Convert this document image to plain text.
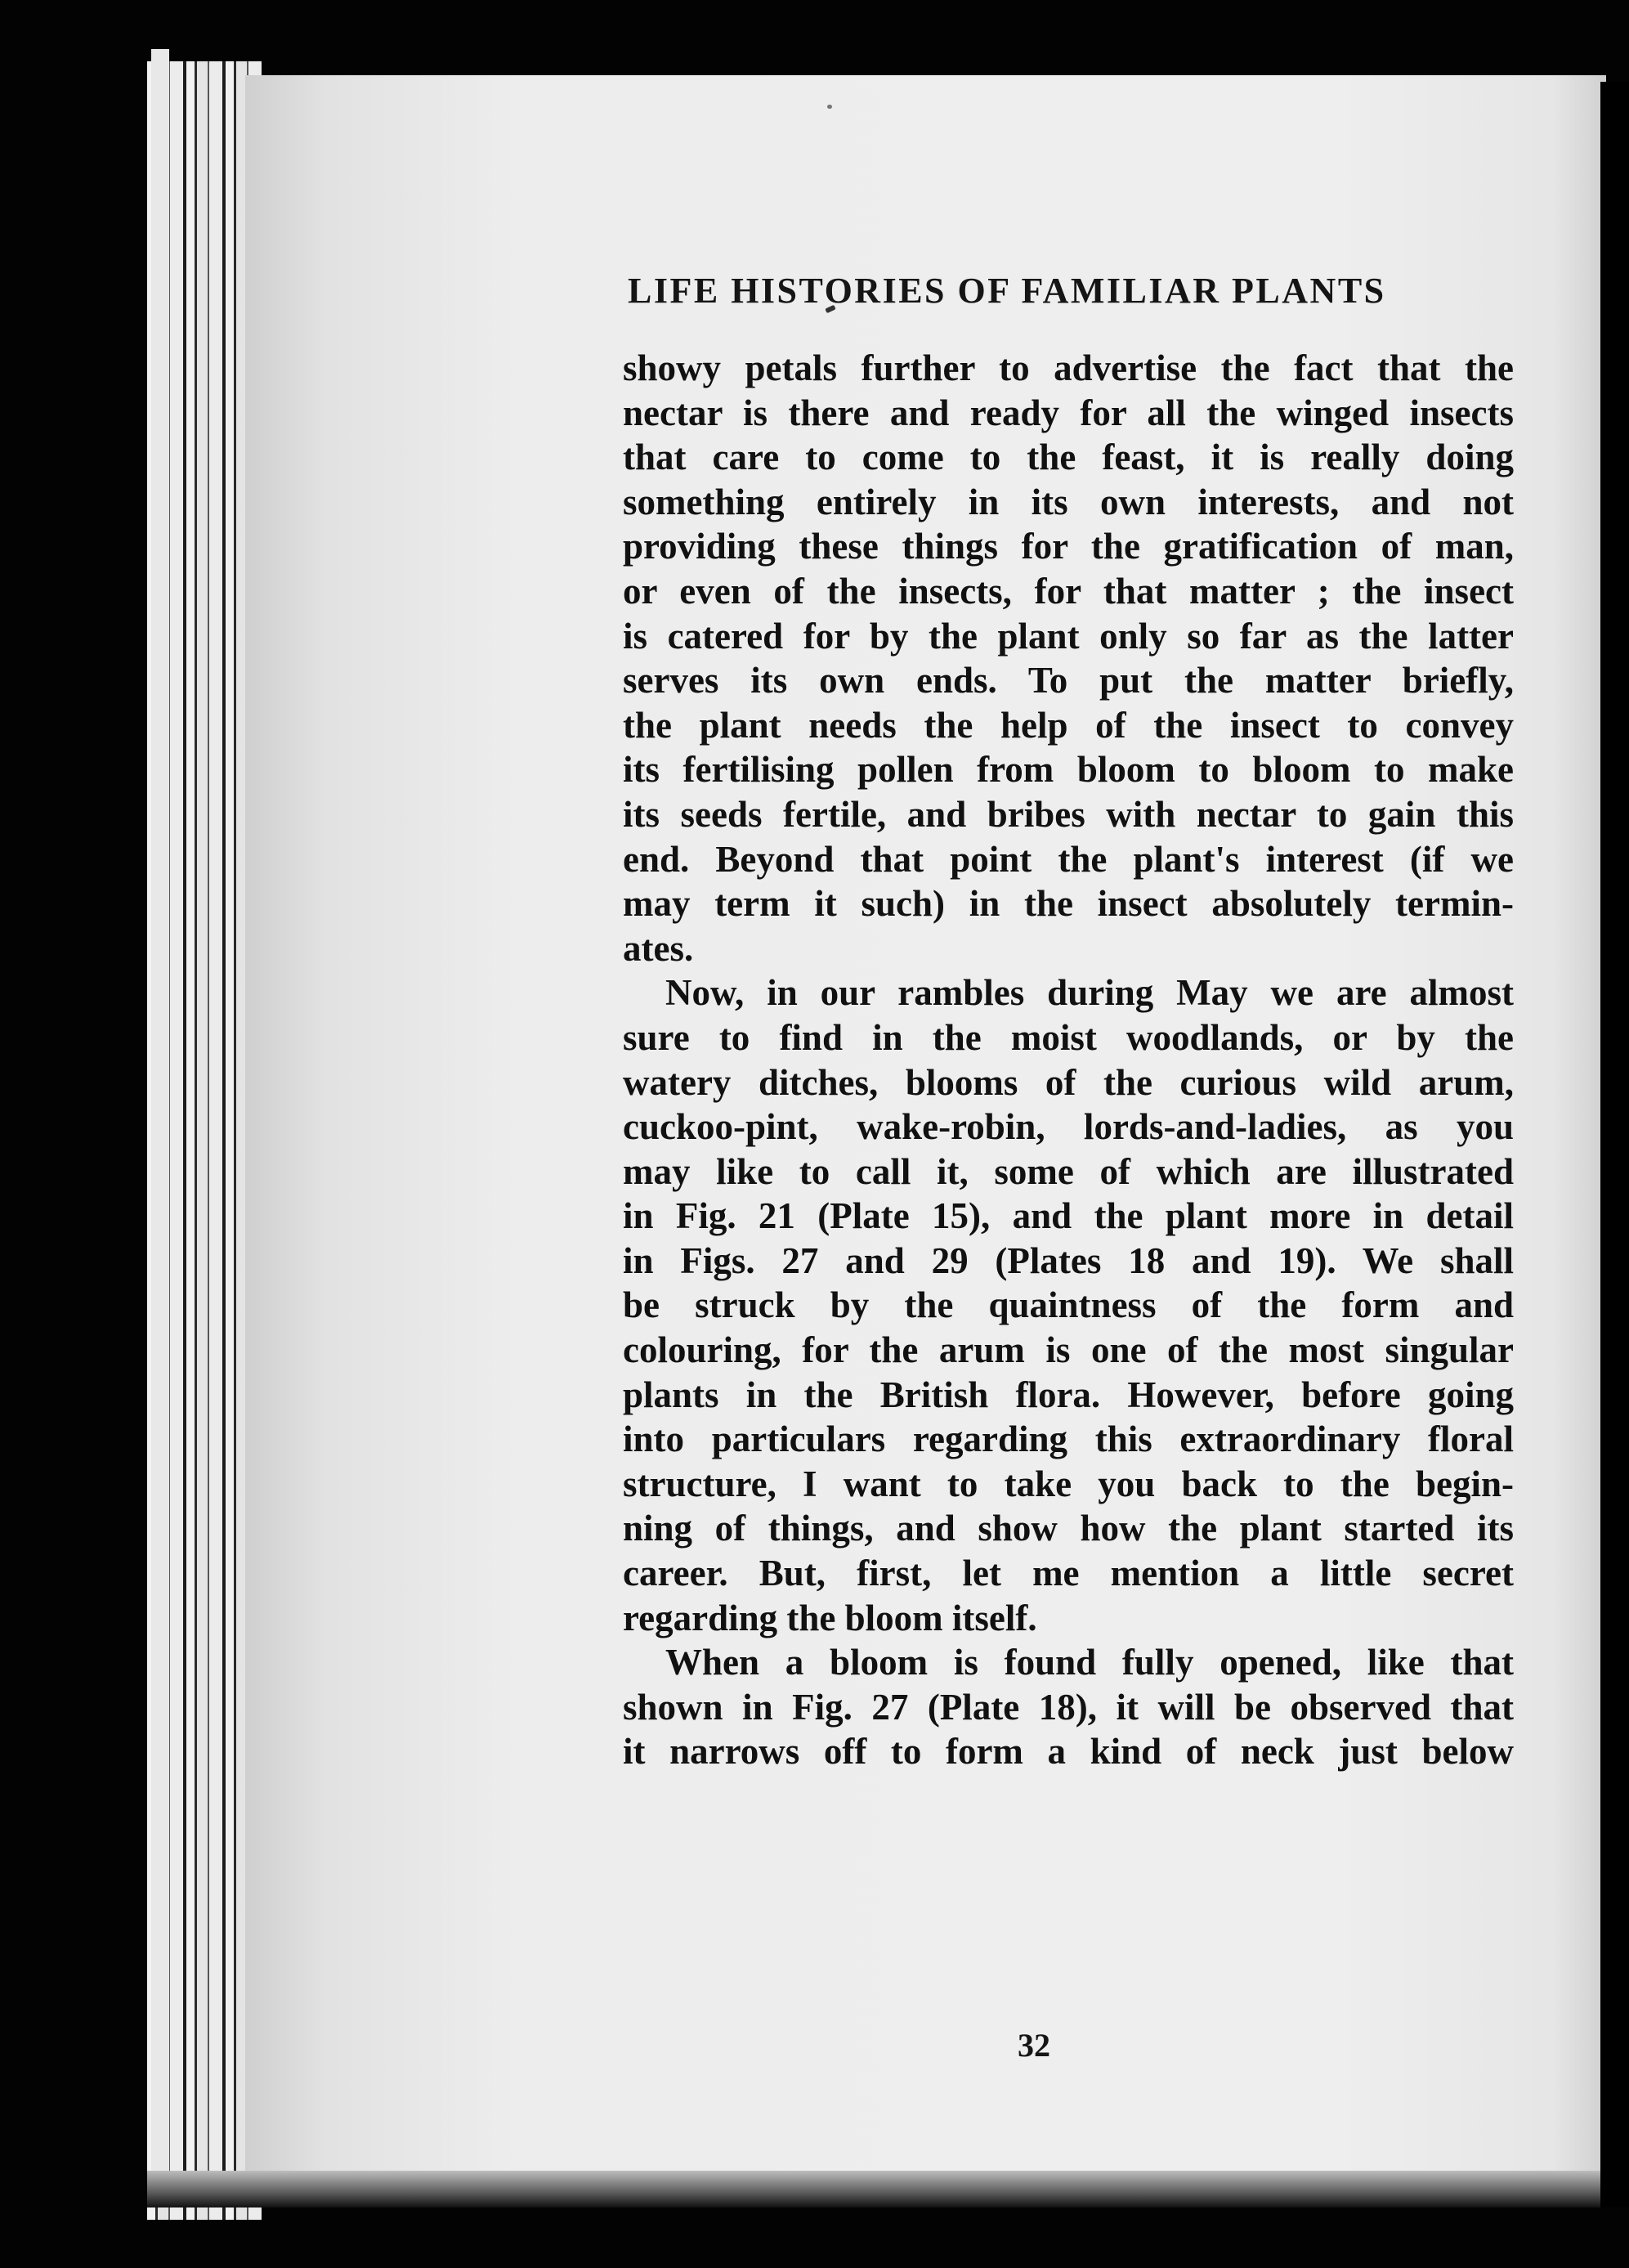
LIFE HISTORIES OF FAMILIAR PLANTS
showy petals further to advertise the fact that the
nectar is there and ready for all the winged insects
that care to come to the feast, it is really doing
something entirely in its own interests, and not
providing these things for the gratification of man,
or even of the insects, for that matter ; the insect
is catered for by the plant only so far as the latter
serves its own ends. To put the matter briefly,
the plant needs the help of the insect to convey
its fertilising pollen from bloom to bloom to make
its seeds fertile, and bribes with nectar to gain this
end. Beyond that point the plant's interest (if we
may term it such) in the insect absolutely termin-
ates.
Now, in our rambles during May we are almost
sure to find in the moist woodlands, or by the
watery ditches, blooms of the curious wild arum,
cuckoo-pint, wake-robin, lords-and-ladies, as you
may like to call it, some of which are illustrated
in Fig. 21 (Plate 15), and the plant more in detail
in Figs. 27 and 29 (Plates 18 and 19). We shall
be struck by the quaintness of the form and
colouring, for the arum is one of the most singular
plants in the British flora. However, before going
into particulars regarding this extraordinary floral
structure, I want to take you back to the begin-
ning of things, and show how the plant started its
career. But, first, let me mention a little secret
regarding the bloom itself.
When a bloom is found fully opened, like that
shown in Fig. 27 (Plate 18), it will be observed that
it narrows off to form a kind of neck just below
32
